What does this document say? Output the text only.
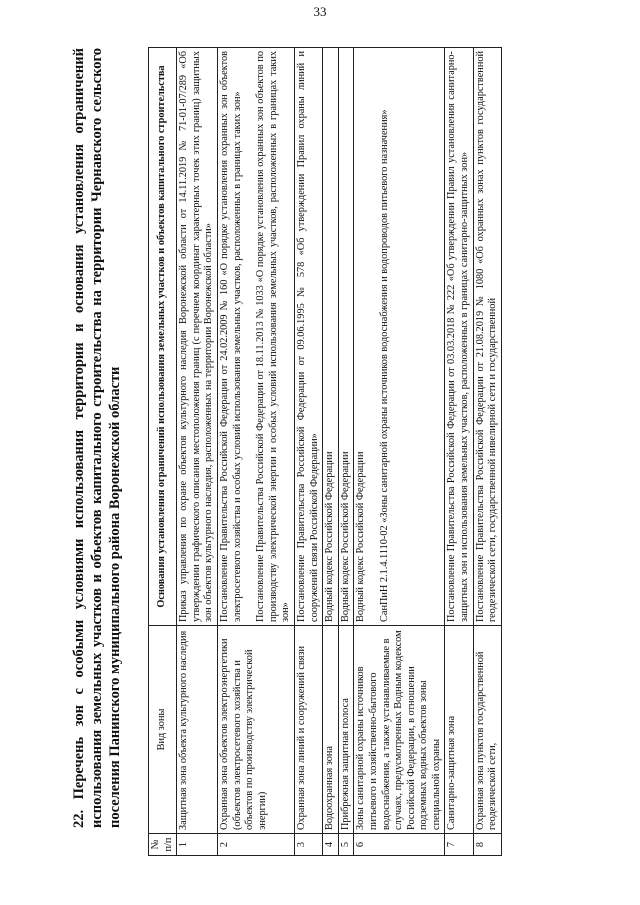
33

22. Перечень зон с особыми условиями использования территории и основания установления ограничений использования земельных участков и объектов капитального строительства на территории Чернавского сельского поселения Панинского муниципального района Воронежской области

№ п/п	Вид зоны	Основания установления ограничений использования земельных участков и объектов капитального строительства
1	Защитная зона объекта культурного наследия	Приказ управления по охране объектов культурного наследия Воронежской области от 14.11.2019 № 71-01-07/289 «Об утверждении графического описания местоположения границ (с перечнем координат характерных точек этих границ) защитных зон объектов культурного наследия, расположенных на территории Воронежской области»

2	Охранная зона объектов электроэнергетики (объектов электросетевого хозяйства и объектов по производству электрической энергии)	Постановление Правительства Российской Федерации от 24.02.2009 № 160 «О порядке установления охранных зон объектов электросетевого хозяйства и особых условий использования земельных участков, расположенных в границах таких зон» Постановление Правительства Российской Федерации от 18.11.2013 № 1033 «О порядке установления охранных зон объектов по производству электрической энергии и особых условий использования земельных участков, расположенных в границах таких зон»

3	Охранная зона линий и сооружений связи	Постановление Правительства Российской Федерации от 09.06.1995 № 578 «Об утверждении Правил охраны линий и сооружений связи Российской Федерации»

4	Водоохранная зона	Водный кодекс Российской Федерации

5	Прибрежная защитная полоса	Водный кодекс Российской Федерации

6	Зоны санитарной охраны источников питьевого и хозяйственно-бытового водоснабжения, а также устанавливаемые в случаях, предусмотренных Водным кодексом Российской Федерации, в отношении подземных водных объектов зоны специальной охраны	Водный кодекс Российской Федерации СанПиН 2.1.4.1110-02 «Зоны санитарной охраны источников водоснабжения и водопроводов питьевого назначения»

7	Санитарно-защитная зона	Постановление Правительства Российской Федерации от 03.03.2018 № 222 «Об утверждении Правил установления санитарно-защитных зон и использования земельных участков, расположенных в границах санитарно-защитных зон»

8	Охранная зона пунктов государственной геодезической сети,	Постановление Правительства Российской Федерации от 21.08.2019 № 1080 «Об охранных зонах пунктов государственной геодезической сети, государственной нивелирной сети и государственной
